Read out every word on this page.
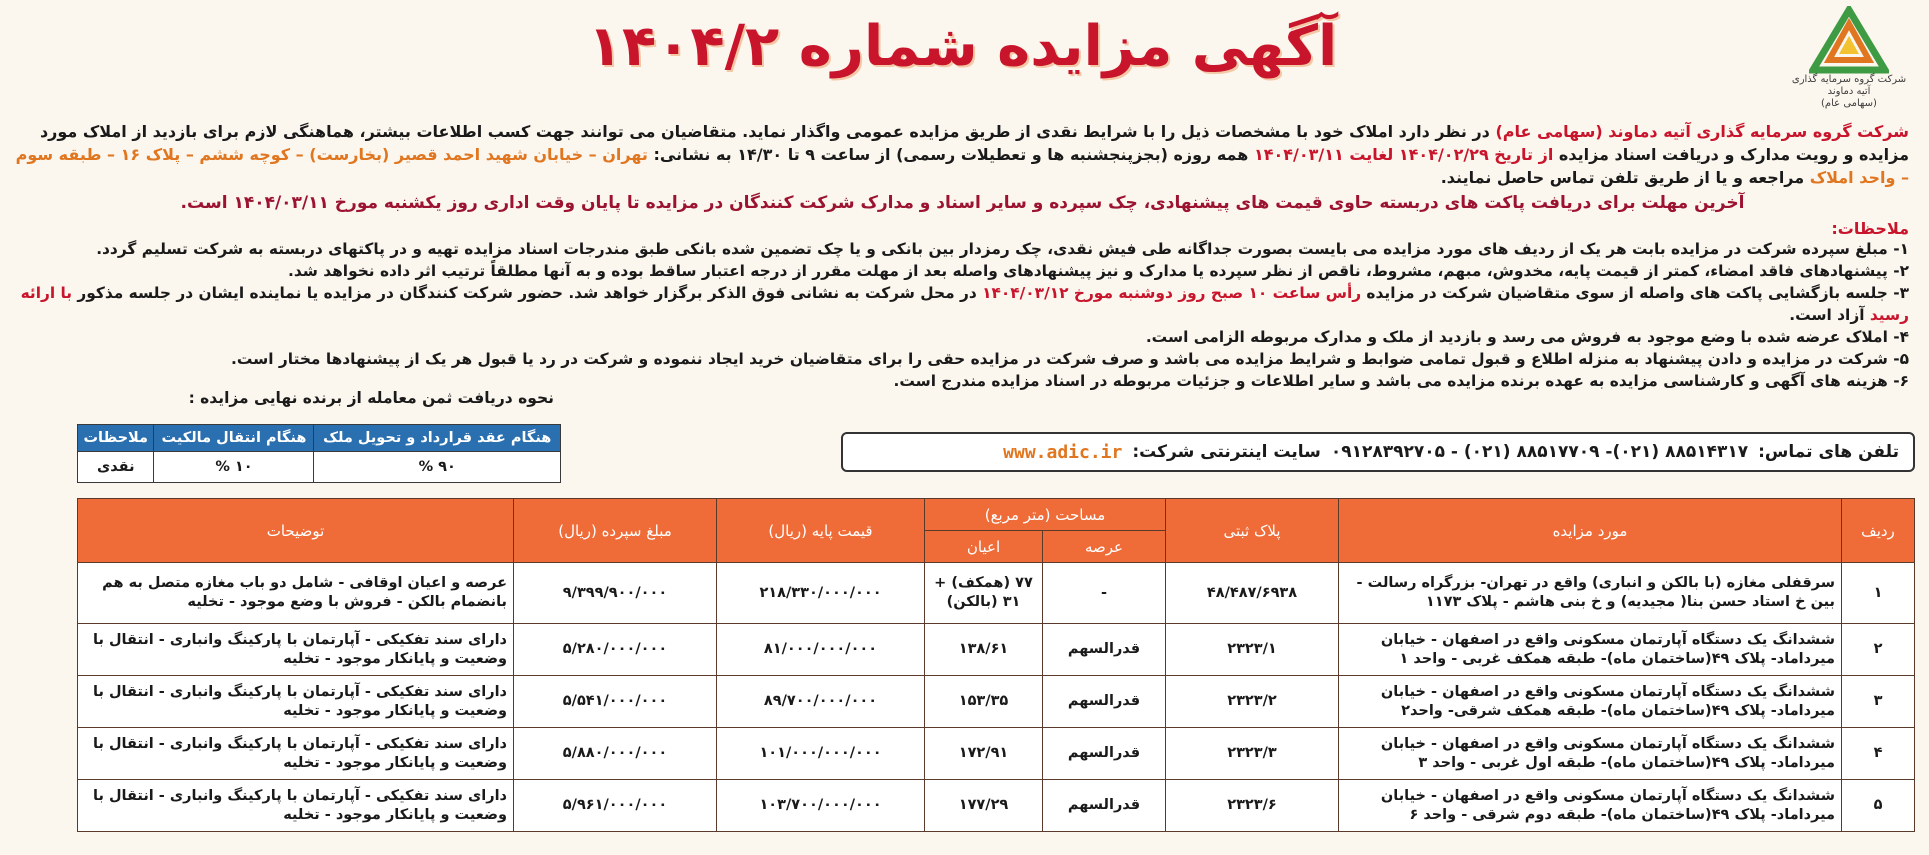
شرکت گروه سرمایه گذاری
آتیه دماوند
(سهامی عام)
آگهی مزایده شماره ۱۴۰۴/۲
شرکت گروه سرمایه گذاری آتیه دماوند (سهامی عام) در نظر دارد املاک خود با مشخصات ذیل را با شرایط نقدی از طریق مزایده عمومی واگذار نماید. متقاضیان می توانند جهت کسب اطلاعات بیشتر، هماهنگی لازم برای بازدید از املاک مورد مزایده و رویت مدارک و دریافت اسناد مزایده از تاریخ ۱۴۰۴/۰۲/۲۹ لغایت ۱۴۰۴/۰۳/۱۱ همه روزه (بجزپنجشنبه ها و تعطیلات رسمی) از ساعت ۹ تا ۱۴/۳۰ به نشانی: تهران – خیابان شهید احمد قصیر (بخارست) – کوچه ششم – پلاک ۱۶ – طبقه سوم – واحد املاک مراجعه و یا از طریق تلفن تماس حاصل نمایند.
آخرین مهلت برای دریافت پاکت های دربسته حاوی قیمت های پیشنهادی، چک سپرده و سایر اسناد و مدارک شرکت کنندگان در مزایده تا پایان وقت اداری روز یکشنبه مورخ ۱۴۰۴/۰۳/۱۱ است.
ملاحظات:
۱- مبلغ سپرده شرکت در مزایده بابت هر یک از ردیف های مورد مزایده می بایست بصورت جداگانه طی فیش نقدی، چک رمزدار بین بانکی و یا چک تضمین شده بانکی طبق مندرجات اسناد مزایده تهیه و در پاکتهای دربسته به شرکت تسلیم گردد.
۲- پیشنهادهای فاقد امضاء، کمتر از قیمت پایه، مخدوش، مبهم، مشروط، ناقص از نظر سپرده یا مدارک و نیز پیشنهادهای واصله بعد از مهلت مقرر از درجه اعتبار ساقط بوده و به آنها مطلقاً ترتیب اثر داده نخواهد شد.
۳- جلسه بازگشایی پاکت های واصله از سوی متقاضیان شرکت در مزایده رأس ساعت ۱۰ صبح روز دوشنبه مورخ ۱۴۰۴/۰۳/۱۲ در محل شرکت به نشانی فوق الذکر برگزار خواهد شد. حضور شرکت کنندگان در مزایده یا نماینده ایشان در جلسه مذکور با ارائه رسید آزاد است.
۴- املاک عرضه شده با وضع موجود به فروش می رسد و بازدید از ملک و مدارک مربوطه الزامی است.
۵- شرکت در مزایده و دادن پیشنهاد به منزله اطلاع و قبول تمامی ضوابط و شرایط مزایده می باشد و صرف شرکت در مزایده حقی را برای متقاضیان خرید ایجاد ننموده و شرکت در رد یا قبول هر یک از پیشنهادها مختار است.
۶- هزینه های آگهی و کارشناسی مزایده به عهده برنده مزایده می باشد و سایر اطلاعات و جزئیات مربوطه در اسناد مزایده مندرج است.
نحوه دریافت ثمن معامله از برنده نهایی مزایده :
هنگام عقد قرارداد و تحویل ملک	هنگام انتقال مالکیت	ملاحظات
۹۰ %	۱۰ %	نقدی
تلفن های تماس:
۸۸۵۱۴۳۱۷ (۰۲۱)- ۸۸۵۱۷۷۰۹ (۰۲۱) - ۰۹۱۲۸۳۹۲۷۰۵
سایت اینترنتی شرکت:
www.adic.ir
ردیف	مورد مزایده	پلاک ثبتی	مساحت (متر مربع)		قیمت پایه (ریال)	مبلغ سپرده (ریال)	توضیحات
			عرصه	اعیان			
۱	سرقفلی مغازه (با بالکن و انباری) واقع در تهران- بزرگراه رسالت - بین خ استاد حسن بنا( مجیدیه) و خ بنی هاشم - پلاک ۱۱۷۳	۴۸/۴۸۷/۶۹۳۸	-	۷۷ (همکف) + ۳۱ (بالکن)	۲۱۸/۳۳۰/۰۰۰/۰۰۰	۹/۳۹۹/۹۰۰/۰۰۰	عرصه و اعیان اوقافی - شامل دو باب مغازه متصل به هم بانضمام بالکن - فروش با وضع موجود - تخلیه
۲	ششدانگ یک دستگاه آپارتمان مسکونی واقع در اصفهان - خیابان میرداماد- پلاک ۴۹(ساختمان ماه)- طبقه همکف غربی - واحد ۱	۲۳۲۳/۱	قدرالسهم	۱۳۸/۶۱	۸۱/۰۰۰/۰۰۰/۰۰۰	۵/۲۸۰/۰۰۰/۰۰۰	دارای سند تفکیکی - آپارتمان با پارکینگ وانباری - انتقال با وضعیت و پایانکار موجود - تخلیه
۳	ششدانگ یک دستگاه آپارتمان مسکونی واقع در اصفهان - خیابان میرداماد- پلاک ۴۹(ساختمان ماه)- طبقه همکف شرقی- واحد۲	۲۳۲۳/۲	قدرالسهم	۱۵۳/۳۵	۸۹/۷۰۰/۰۰۰/۰۰۰	۵/۵۴۱/۰۰۰/۰۰۰	دارای سند تفکیکی - آپارتمان با پارکینگ وانباری - انتقال با وضعیت و پایانکار موجود - تخلیه
۴	ششدانگ یک دستگاه آپارتمان مسکونی واقع در اصفهان - خیابان میرداماد- پلاک ۴۹(ساختمان ماه)- طبقه اول غربی - واحد ۳	۲۳۲۳/۳	قدرالسهم	۱۷۲/۹۱	۱۰۱/۰۰۰/۰۰۰/۰۰۰	۵/۸۸۰/۰۰۰/۰۰۰	دارای سند تفکیکی - آپارتمان با پارکینگ وانباری - انتقال با وضعیت و پایانکار موجود - تخلیه
۵	ششدانگ یک دستگاه آپارتمان مسکونی واقع در اصفهان - خیابان میرداماد- پلاک ۴۹(ساختمان ماه)- طبقه دوم شرقی - واحد ۶	۲۳۲۳/۶	قدرالسهم	۱۷۷/۲۹	۱۰۳/۷۰۰/۰۰۰/۰۰۰	۵/۹۶۱/۰۰۰/۰۰۰	دارای سند تفکیکی - آپارتمان با پارکینگ وانباری - انتقال با وضعیت و پایانکار موجود - تخلیه
